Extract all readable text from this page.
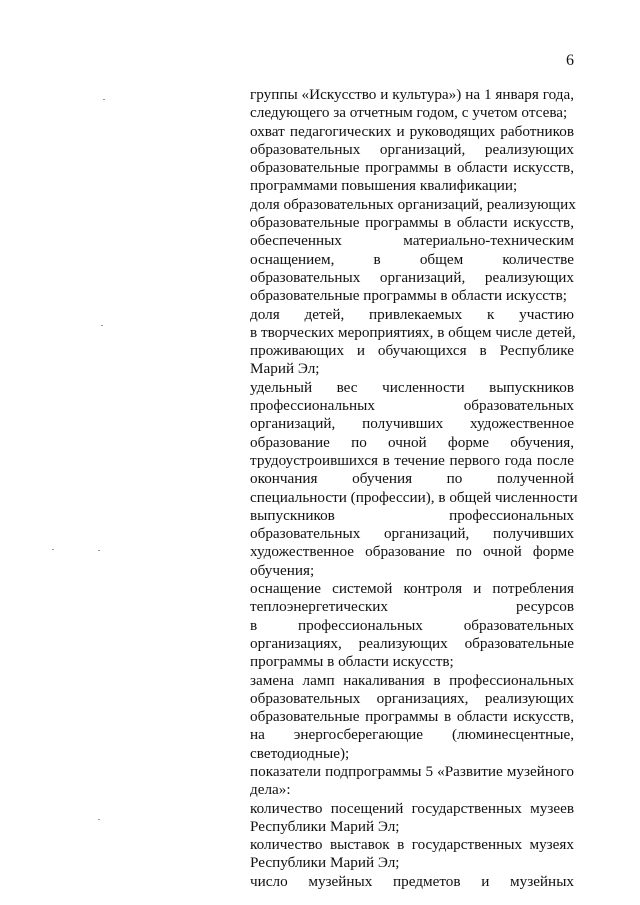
6
группы «Искусство и культура») на 1 января года,
следующего за отчетным годом, с учетом отсева;
охват педагогических и руководящих работников
образовательных организаций, реализующих
образовательные программы в области искусств,
программами повышения квалификации;
доля образовательных организаций, реализующих
образовательные программы в области искусств,
обеспеченных материально-техническим
оснащением, в общем количестве
образовательных организаций, реализующих
образовательные программы в области искусств;
доля детей, привлекаемых к участию
в творческих мероприятиях, в общем числе детей,
проживающих и обучающихся в Республике
Марий Эл;
удельный вес численности выпускников
профессиональных образовательных
организаций, получивших художественное
образование по очной форме обучения,
трудоустроившихся в течение первого года после
окончания обучения по полученной
специальности (профессии), в общей численности
выпускников профессиональных
образовательных организаций, получивших
художественное образование по очной форме
обучения;
оснащение системой контроля и потребления
теплоэнергетических ресурсов
в профессиональных образовательных
организациях, реализующих образовательные
программы в области искусств;
замена ламп накаливания в профессиональных
образовательных организациях, реализующих
образовательные программы в области искусств,
на энергосберегающие (люминесцентные,
светодиодные);
показатели подпрограммы 5 «Развитие музейного
дела»:
количество посещений государственных музеев
Республики Марий Эл;
количество выставок в государственных музеях
Республики Марий Эл;
число музейных предметов и музейных
